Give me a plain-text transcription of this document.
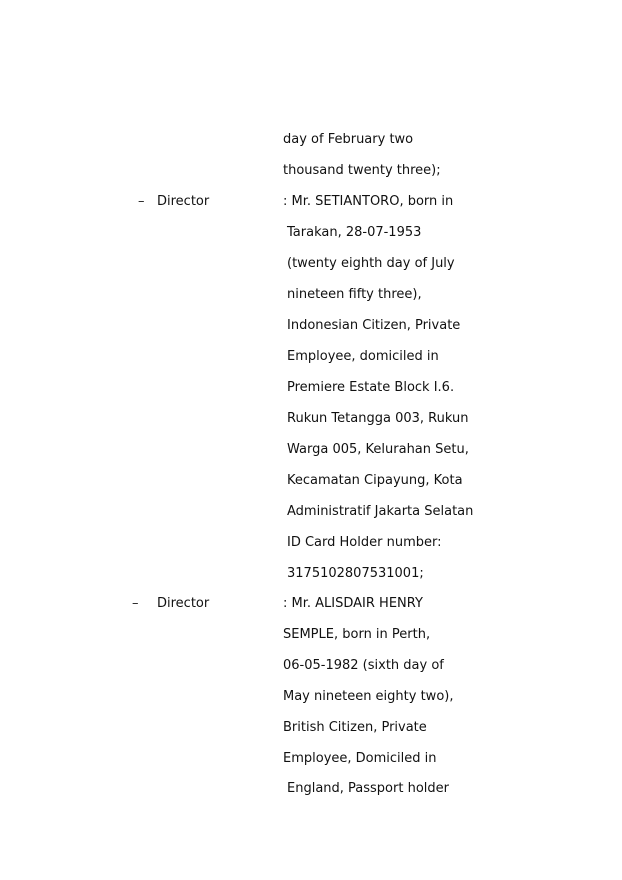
day of February two
thousand twenty three);
– Director	: Mr. SETIANTORO, born in
Tarakan, 28-07-1953
(twenty eighth day of July
nineteen fifty three),
Indonesian Citizen, Private
Employee, domiciled in
Premiere Estate Block I.6.
Rukun Tetangga 003, Rukun
Warga 005, Kelurahan Setu,
Kecamatan Cipayung, Kota
Administratif Jakarta Selatan
ID Card Holder number:
3175102807531001;
– Director	: Mr. ALISDAIR HENRY
SEMPLE, born in Perth,
06-05-1982 (sixth day of
May nineteen eighty two),
British Citizen, Private
Employee, Domiciled in
England, Passport holder
